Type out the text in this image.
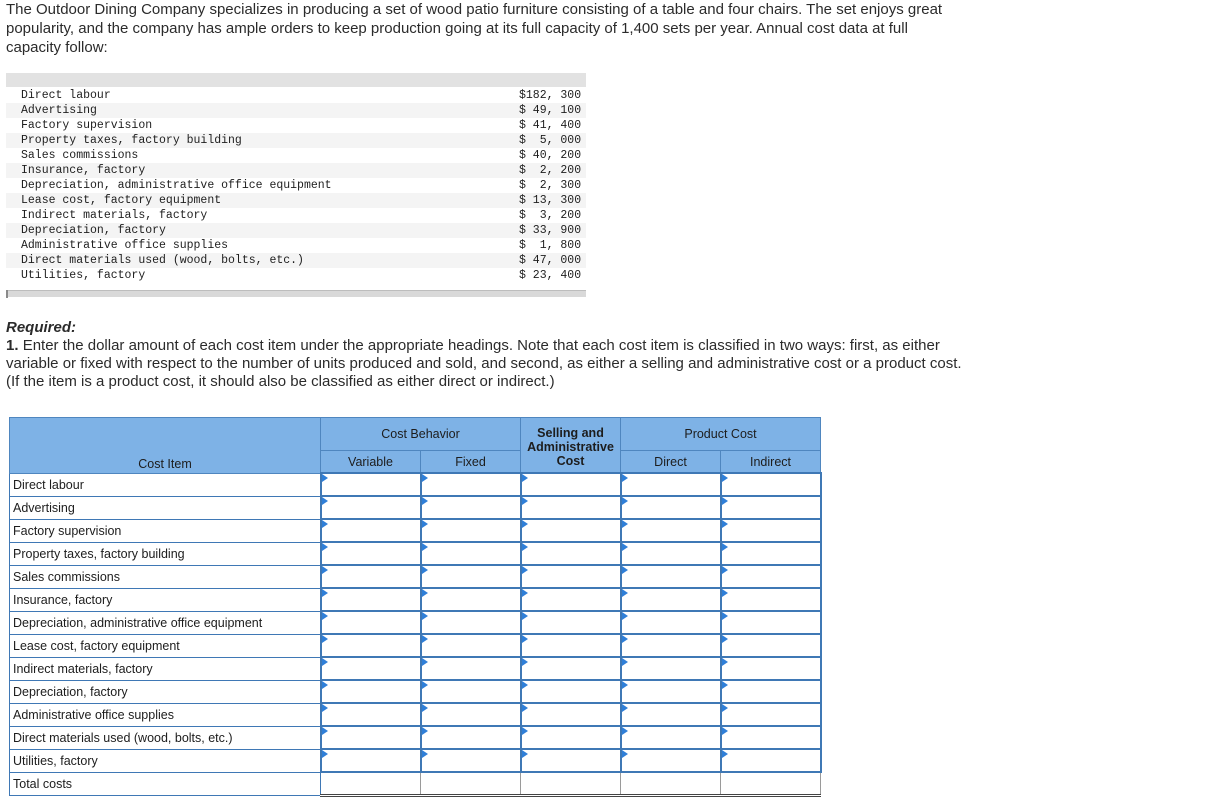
The Outdoor Dining Company specializes in producing a set of wood patio furniture consisting of a table and four chairs. The set enjoys great popularity, and the company has ample orders to keep production going at its full capacity of 1,400 sets per year. Annual cost data at full capacity follow:

Direct labour	$182, 300
Advertising	$ 49, 100
Factory supervision	$ 41, 400
Property taxes, factory building	$  5, 000
Sales commissions	$ 40, 200
Insurance, factory	$  2, 200
Depreciation, administrative office equipment	$  2, 300
Lease cost, factory equipment	$ 13, 300
Indirect materials, factory	$  3, 200
Depreciation, factory	$ 33, 900
Administrative office supplies	$  1, 800
Direct materials used (wood, bolts, etc.)	$ 47, 000
Utilities, factory	$ 23, 400

Required:

1. Enter the dollar amount of each cost item under the appropriate headings. Note that each cost item is classified in two ways: first, as either variable or fixed with respect to the number of units produced and sold, and second, as either a selling and administrative cost or a product cost. (If the item is a product cost, it should also be classified as either direct or indirect.)

Cost Item	Cost Behavior		Selling and Administrative Cost	Product Cost	
	Variable	Fixed		Direct	Indirect
Direct labour					
Advertising					
Factory supervision					
Property taxes, factory building					
Sales commissions					
Insurance, factory					
Depreciation, administrative office equipment					
Lease cost, factory equipment					
Indirect materials, factory					
Depreciation, factory					
Administrative office supplies					
Direct materials used (wood, bolts, etc.)					
Utilities, factory					
Total costs					
